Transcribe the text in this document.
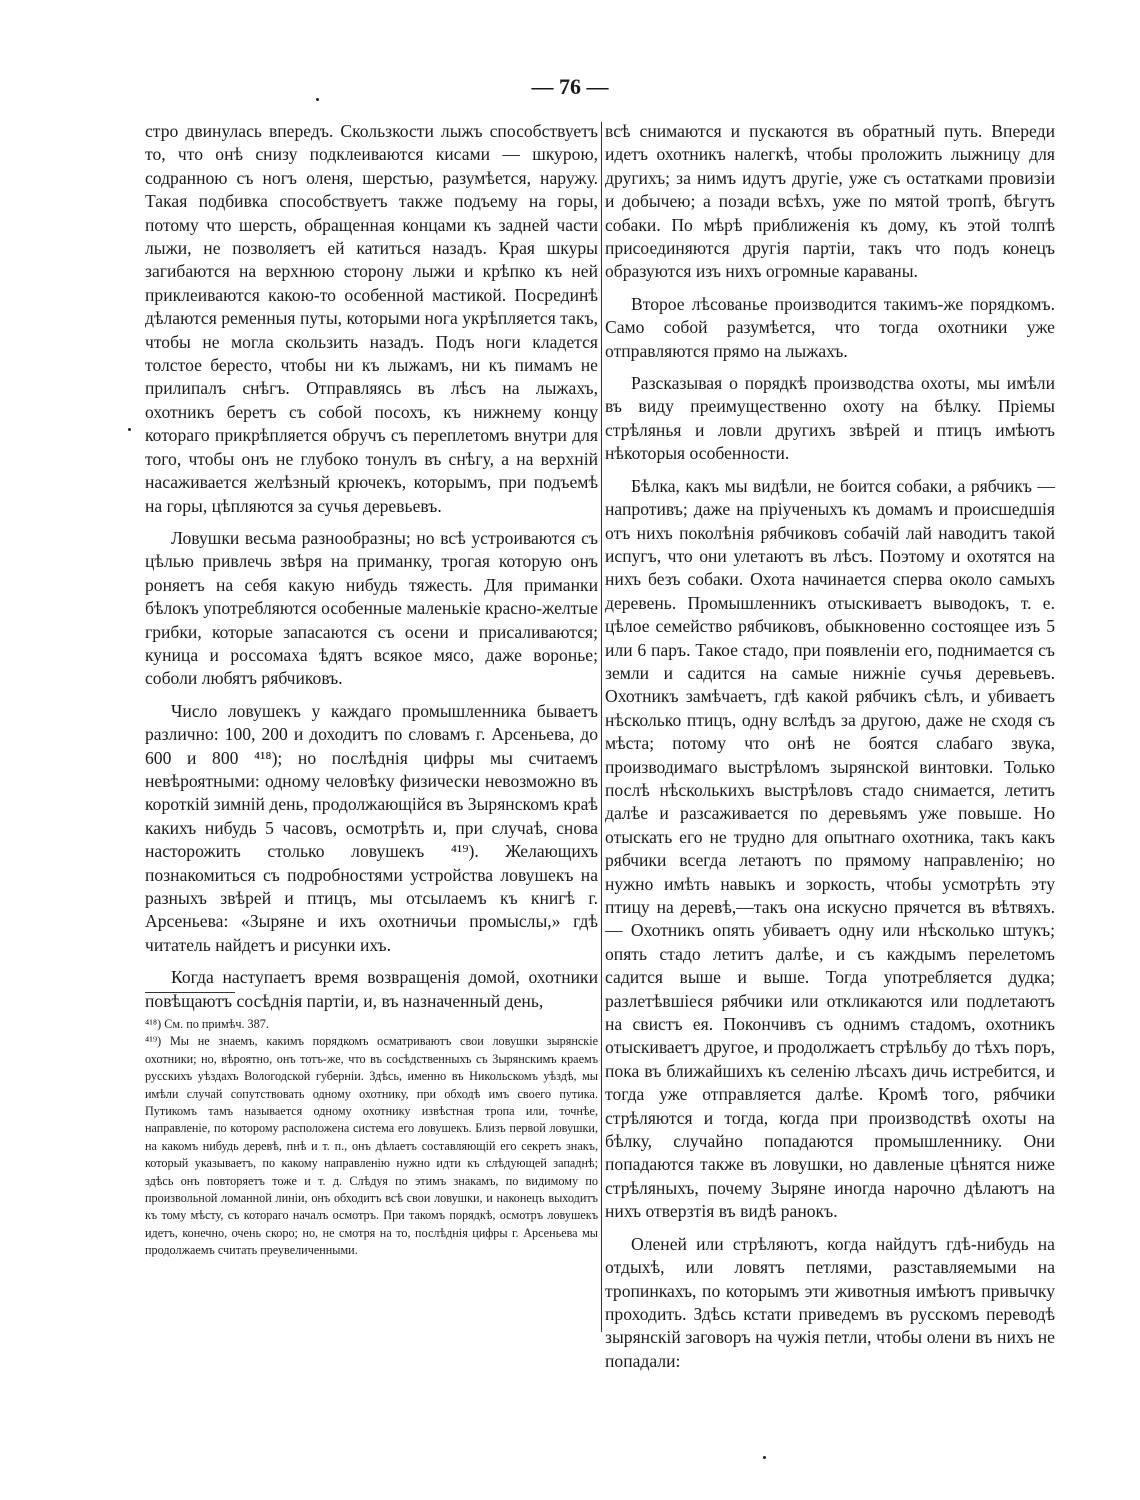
— 76 —

стро двинулась впередъ. Скользкости лыжъ способствуетъ то, что онѣ снизу подклеиваются кисами — шкурою, содранною съ ногъ оленя, шерстью, разумѣется, наружу. Такая подбивка способствуетъ также подъему на горы, потому что шерсть, обращенная концами къ задней части лыжи, не позволяетъ ей катиться назадъ. Края шкуры загибаются на верхнюю сторону лыжи и крѣпко къ ней приклеиваются какою-то особенной мастикой. Посрединѣ дѣлаются ременныя путы, которыми нога укрѣпляется такъ, чтобы не могла скользить назадъ. Подъ ноги кладется толстое бересто, чтобы ни къ лыжамъ, ни къ пимамъ не прилипалъ снѣгъ. Отправляясь въ лѣсъ на лыжахъ, охотникъ беретъ съ собой посохъ, къ нижнему концу котораго прикрѣпляется обручъ съ переплетомъ внутри для того, чтобы онъ не глубоко тонулъ въ снѣгу, а на верхній насаживается желѣзный крючекъ, которымъ, при подъемѣ на горы, цѣпляются за сучья деревьевъ.

Ловушки весьма разнообразны; но всѣ устроиваются съ цѣлью привлечь звѣря на приманку, трогая которую онъ роняетъ на себя какую нибудь тяжесть. Для приманки бѣлокъ употребляются особенные маленькіе красно-желтые грибки, которые запасаются съ осени и присаливаются; куница и россомаха ѣдятъ всякое мясо, даже воронье; соболи любятъ рябчиковъ.

Число ловушекъ у каждаго промышленника бываетъ различно: 100, 200 и доходитъ по словамъ г. Арсеньева, до 600 и 800 ⁴¹⁸); но послѣднія цифры мы считаемъ невѣроятными: одному человѣку физически невозможно въ короткій зимній день, продолжающійся въ Зырянскомъ краѣ какихъ нибудь 5 часовъ, осмотрѣть и, при случаѣ, снова насторожить столько ловушекъ ⁴¹⁹). Желающихъ познакомиться съ подробностями устройства ловушекъ на разныхъ звѣрей и птицъ, мы отсылаемъ къ книгѣ г. Арсеньева: «Зыряне и ихъ охотничьи промыслы,» гдѣ читатель найдетъ и рисунки ихъ.

Когда наступаетъ время возвращенія домой, охотники повѣщаютъ сосѣднія партіи, и, въ назначенный день,

всѣ снимаются и пускаются въ обратный путь. Впереди идетъ охотникъ налегкѣ, чтобы проложить лыжницу для другихъ; за нимъ идутъ другіе, уже съ остатками провизіи и добычею; а позади всѣхъ, уже по мятой тропѣ, бѣгутъ собаки. По мѣрѣ приближенія къ дому, къ этой толпѣ присоединяются другія партіи, такъ что подъ конецъ образуются изъ нихъ огромные караваны.

Второе лѣсованье производится такимъ-же порядкомъ. Само собой разумѣется, что тогда охотники уже отправляются прямо на лыжахъ.

Разсказывая о порядкѣ производства охоты, мы имѣли въ виду преимущественно охоту на бѣлку. Пріемы стрѣлянья и ловли другихъ звѣрей и птицъ имѣютъ нѣкоторыя особенности.

Бѣлка, какъ мы видѣли, не боится собаки, а рябчикъ — напротивъ; даже на пріученыхъ къ домамъ и происшедшія отъ нихъ поколѣнія рябчиковъ собачій лай наводитъ такой испугъ, что они улетаютъ въ лѣсъ. Поэтому и охотятся на нихъ безъ собаки. Охота начинается сперва около самыхъ деревень. Промышленникъ отыскиваетъ выводокъ, т. е. цѣлое семейство рябчиковъ, обыкновенно состоящее изъ 5 или 6 паръ. Такое стадо, при появленіи его, поднимается съ земли и садится на самые нижніе сучья деревьевъ. Охотникъ замѣчаетъ, гдѣ какой рябчикъ сѣлъ, и убиваетъ нѣсколько птицъ, одну вслѣдъ за другою, даже не сходя съ мѣста; потому что онѣ не боятся слабаго звука, производимаго выстрѣломъ зырянской винтовки. Только послѣ нѣсколькихъ выстрѣловъ стадо снимается, летитъ далѣе и разсаживается по деревьямъ уже повыше. Но отыскать его не трудно для опытнаго охотника, такъ какъ рябчики всегда летаютъ по прямому направленію; но нужно имѣть навыкъ и зоркость, чтобы усмотрѣть эту птицу на деревѣ,—такъ она искусно прячется въ вѣтвяхъ. — Охотникъ опять убиваетъ одну или нѣсколько штукъ; опять стадо летитъ далѣе, и съ каждымъ перелетомъ садится выше и выше. Тогда употребляется дудка; разлетѣвшіеся рябчики или откликаются или подлетаютъ на свистъ ея. Покончивъ съ однимъ стадомъ, охотникъ отыскиваетъ другое, и продолжаетъ стрѣльбу до тѣхъ поръ, пока въ ближайшихъ къ селенію лѣсахъ дичь истребится, и тогда уже отправляется далѣе. Кромѣ того, рябчики стрѣляются и тогда, когда при производствѣ охоты на бѣлку, случайно попадаются промышленнику. Они попадаются также въ ловушки, но давленые цѣнятся ниже стрѣляныхъ, почему Зыряне иногда нарочно дѣлаютъ на нихъ отверзтія въ видѣ ранокъ.

Оленей или стрѣляютъ, когда найдутъ гдѣ-нибудь на отдыхѣ, или ловятъ петлями, разставляемыми на тропинкахъ, по которымъ эти животныя имѣютъ привычку проходить. Здѣсь кстати приведемъ въ русскомъ переводѣ зырянскій заговоръ на чужія петли, чтобы олени въ нихъ не попадали:

⁴¹⁸) См. по примѣч. 387.

⁴¹⁹) Мы не знаемъ, какимъ порядкомъ осматриваютъ свои ловушки зырянскіе охотники; но, вѣроятно, онъ тотъ-же, что въ сосѣдственныхъ съ Зырянскимъ краемъ русскихъ уѣздахъ Вологодской губерніи. Здѣсь, именно въ Никольскомъ уѣздѣ, мы имѣли случай сопутствовать одному охотнику, при обходѣ имъ своего путика. Путикомъ тамъ называется одному охотнику извѣстная тропа или, точнѣе, направленіе, по которому расположена система его ловушекъ. Близъ первой ловушки, на какомъ нибудь деревѣ, пнѣ и т. п., онъ дѣлаетъ составляющій его секретъ знакъ, который указываетъ, по какому направленію нужно идти къ слѣдующей западнѣ; здѣсь онъ повторяетъ тоже и т. д. Слѣдуя по этимъ знакамъ, по видимому по произвольной ломанной линіи, онъ обходитъ всѣ свои ловушки, и наконецъ выходитъ къ тому мѣсту, съ котораго началъ осмотръ. При такомъ порядкѣ, осмотръ ловушекъ идетъ, конечно, очень скоро; но, не смотря на то, послѣднія цифры г. Арсеньева мы продолжаемъ считать преувеличенными.
